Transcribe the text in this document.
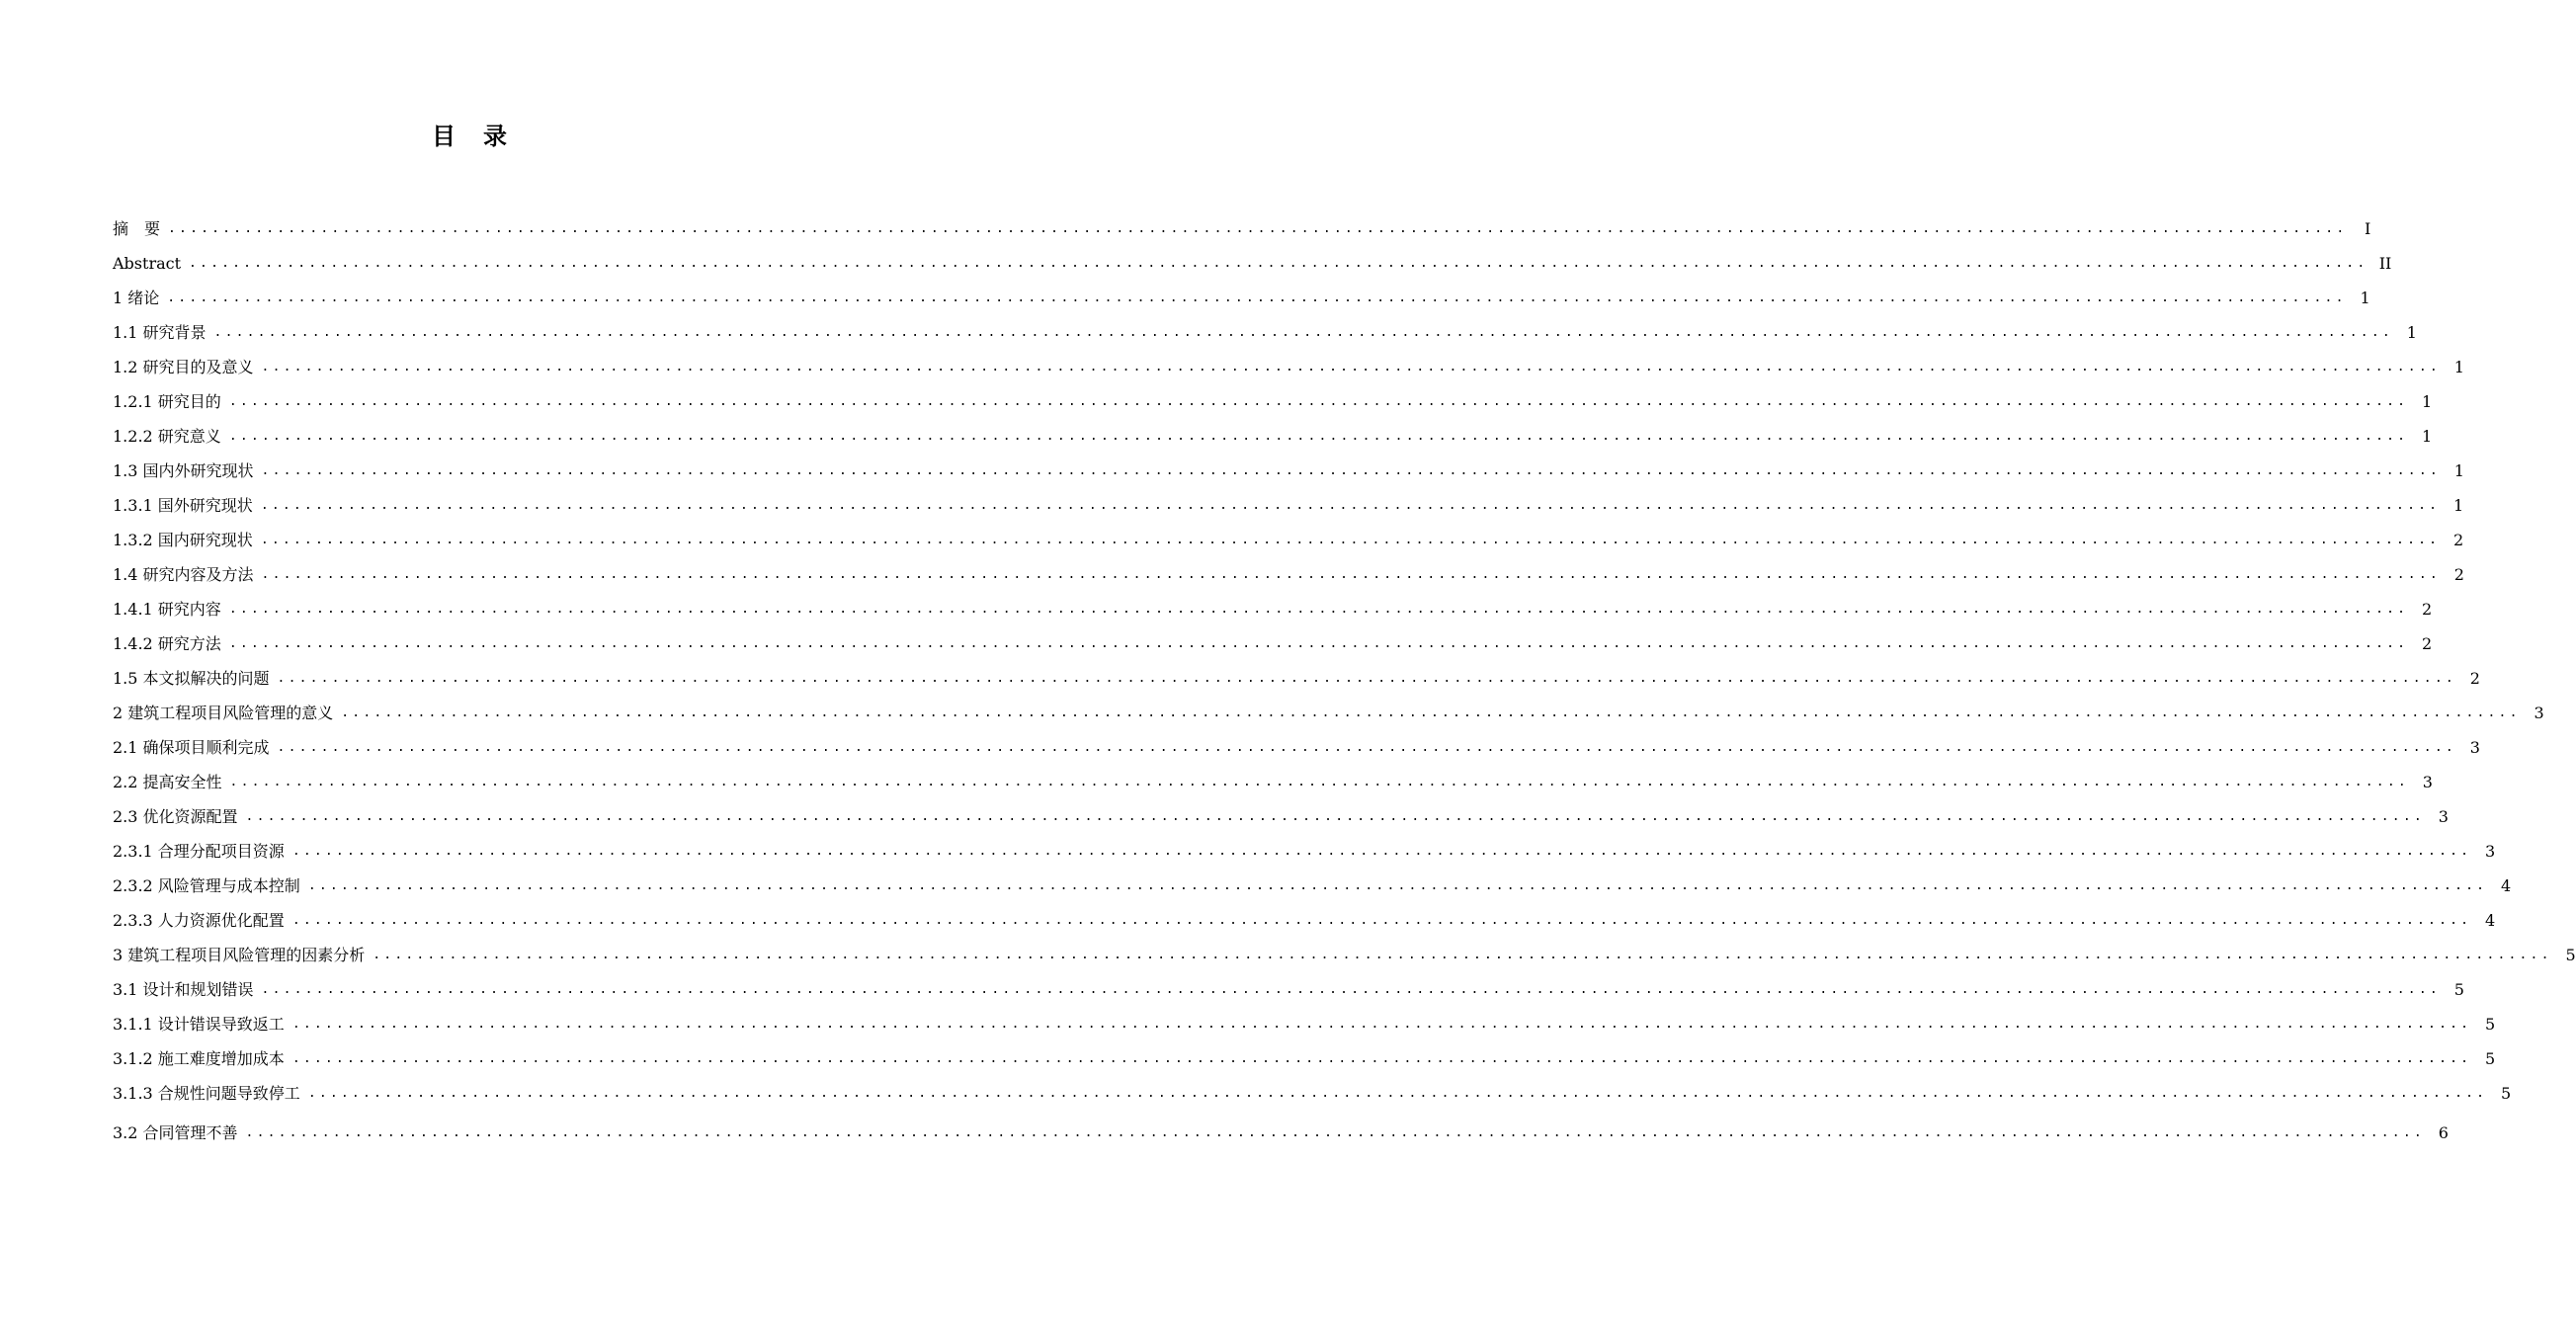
目录
摘　要 ........................................................................................................................................................................................................	I
Abstract ........................................................................................................................................................................................................ II
1 绪论 ........................................................................................................................................................................................................ 1
1.1 研究背景 ........................................................................................................................................................................................................ 1
1.2 研究目的及意义 ........................................................................................................................................................................................................ 1
1.2.1 研究目的 ........................................................................................................................................................................................................ 1
1.2.2 研究意义 ........................................................................................................................................................................................................ 1
1.3 国内外研究现状 ........................................................................................................................................................................................................ 1
1.3.1 国外研究现状 ........................................................................................................................................................................................................ 1
1.3.2 国内研究现状 ........................................................................................................................................................................................................ 2
1.4 研究内容及方法 ........................................................................................................................................................................................................ 2
1.4.1 研究内容 ........................................................................................................................................................................................................ 2
1.4.2 研究方法 ........................................................................................................................................................................................................ 2
1.5 本文拟解决的问题 ........................................................................................................................................................................................................ 2
2 建筑工程项目风险管理的意义 ........................................................................................................................................................................................................ 3
2.1 确保项目顺利完成 ........................................................................................................................................................................................................ 3
2.2 提高安全性 ........................................................................................................................................................................................................ 3
2.3 优化资源配置 ........................................................................................................................................................................................................ 3
2.3.1 合理分配项目资源 ........................................................................................................................................................................................................ 3
2.3.2 风险管理与成本控制 ........................................................................................................................................................................................................ 4
2.3.3 人力资源优化配置 ........................................................................................................................................................................................................ 4
3 建筑工程项目风险管理的因素分析 ........................................................................................................................................................................................................ 5
3.1 设计和规划错误 ........................................................................................................................................................................................................ 5
3.1.1 设计错误导致返工 ........................................................................................................................................................................................................ 5
3.1.2 施工难度增加成本 ........................................................................................................................................................................................................ 5
3.1.3 合规性问题导致停工 ........................................................................................................................................................................................................ 5
3.2 合同管理不善 ........................................................................................................................................................................................................ 6
